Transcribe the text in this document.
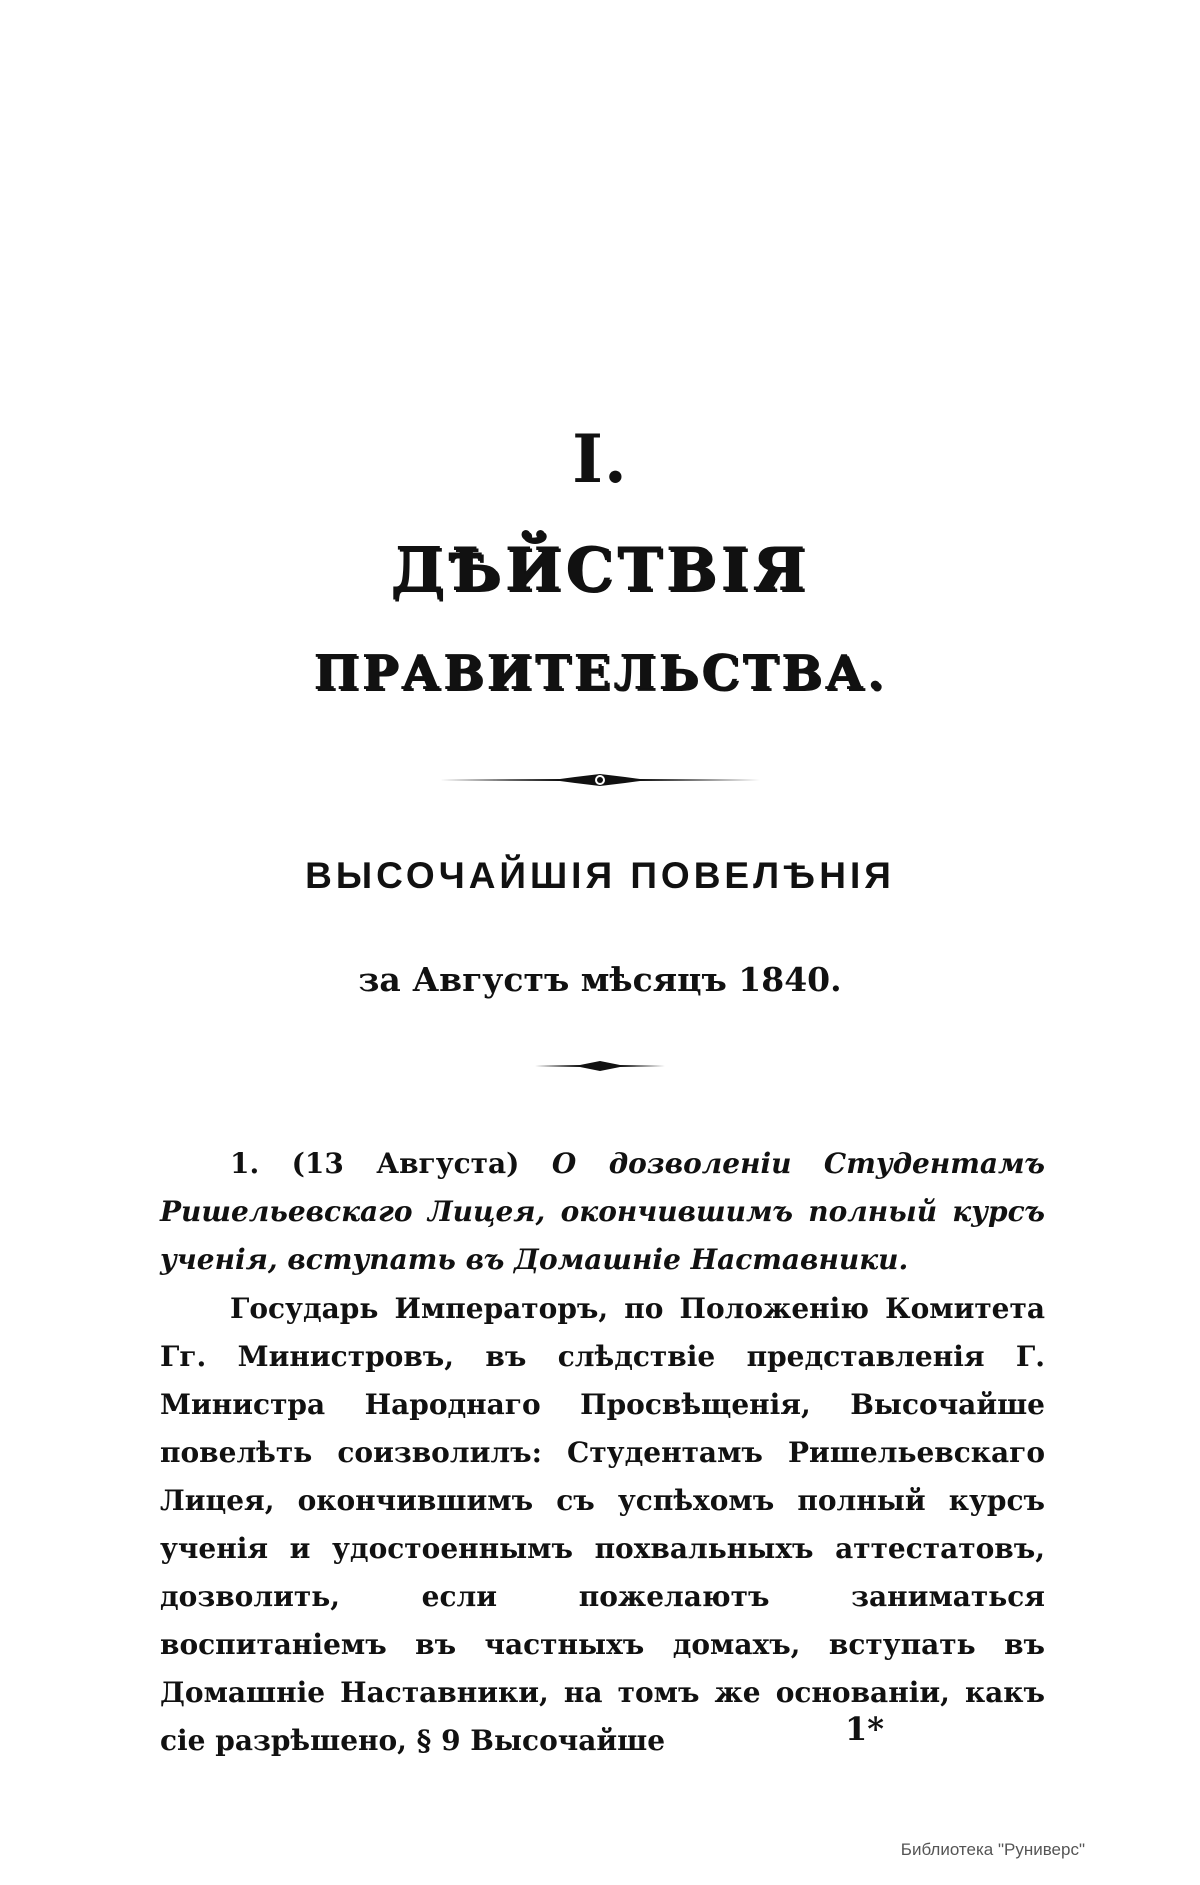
I.
ДѢЙСТВІЯ
ПРАВИТЕЛЬСТВА.
ВЫСОЧАЙШІЯ ПОВЕЛѢНІЯ
за Августъ мѣсяцъ 1840.
1. (13 Августа) О дозволеніи Студентамъ Ришельевскаго Лицея, окончившимъ полный курсъ ученія, вступать въ Домашніе Наставники.
Государь Императоръ, по Положенію Комитета Гг. Министровъ, въ слѣдствіе представленія Г. Министра Народнаго Просвѣщенія, Высочайше повелѣть соизволилъ: Студентамъ Ришельевскаго Лицея, окончившимъ съ успѣхомъ полный курсъ ученія и удостоеннымъ похвальныхъ аттестатовъ, дозволить, если пожелаютъ заниматься воспитаніемъ въ частныхъ домахъ, вступать въ Домашніе Наставники, на томъ же основаніи, какъ сіе разрѣшено, § 9 Высочайше	1*
Библиотека "Руниверс"
